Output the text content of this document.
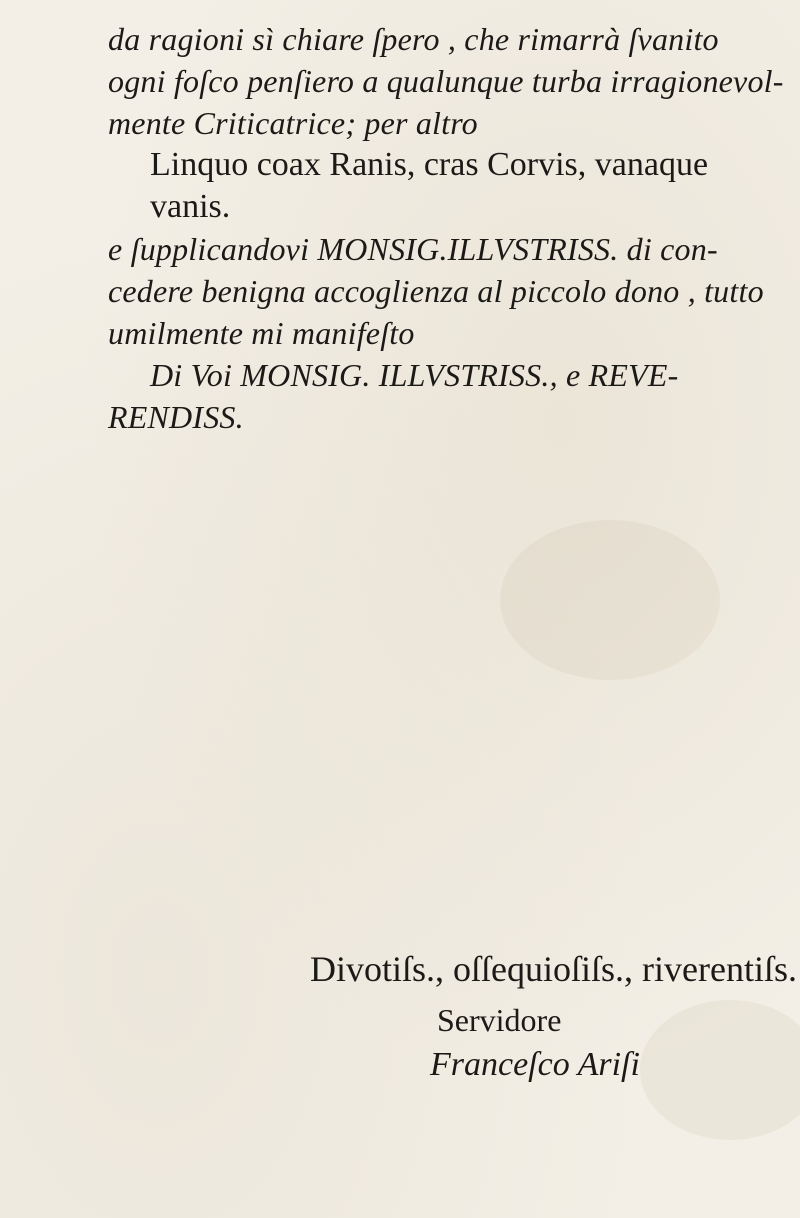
da ragioni sì chiare ſpero , che rimarrà ſvanito
ogni foſco penſiero a qualunque turba irragionevol-
mente Criticatrice; per altro
Linquo coax Ranis, cras Corvis, vanaque
vanis.
e ſupplicandovi MONSIG.ILLVSTRISS. di con-
cedere benigna accoglienza al piccolo dono , tutto
umilmente mi manifeſto
Di Voi MONSIG. ILLVSTRISS., e REVE-
RENDISS.
Divotiſs., oſſequioſiſs., riverentiſs.
Servidore
Franceſco Ariſi
